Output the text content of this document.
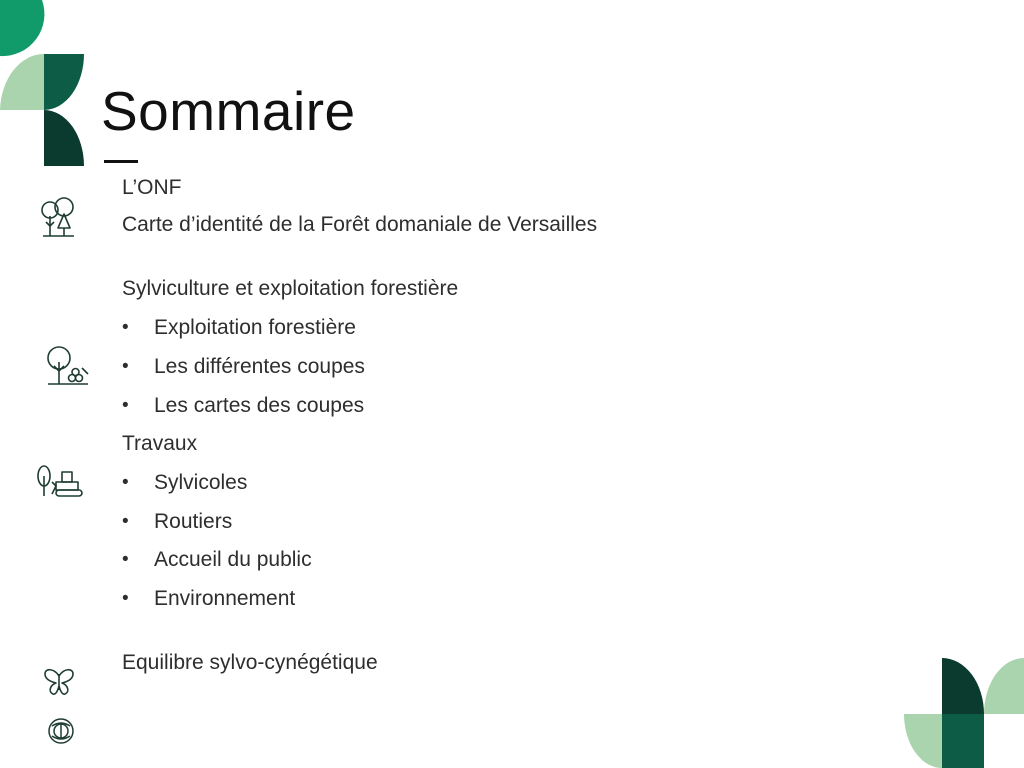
Sommaire
L’ONF
Carte d’identité de la Forêt domaniale de Versailles
Sylviculture et exploitation forestière
• Exploitation forestière
• Les différentes coupes
• Les cartes des coupes
Travaux
• Sylvicoles
• Routiers
• Accueil du public
• Environnement
Equilibre sylvo-cynégétique
